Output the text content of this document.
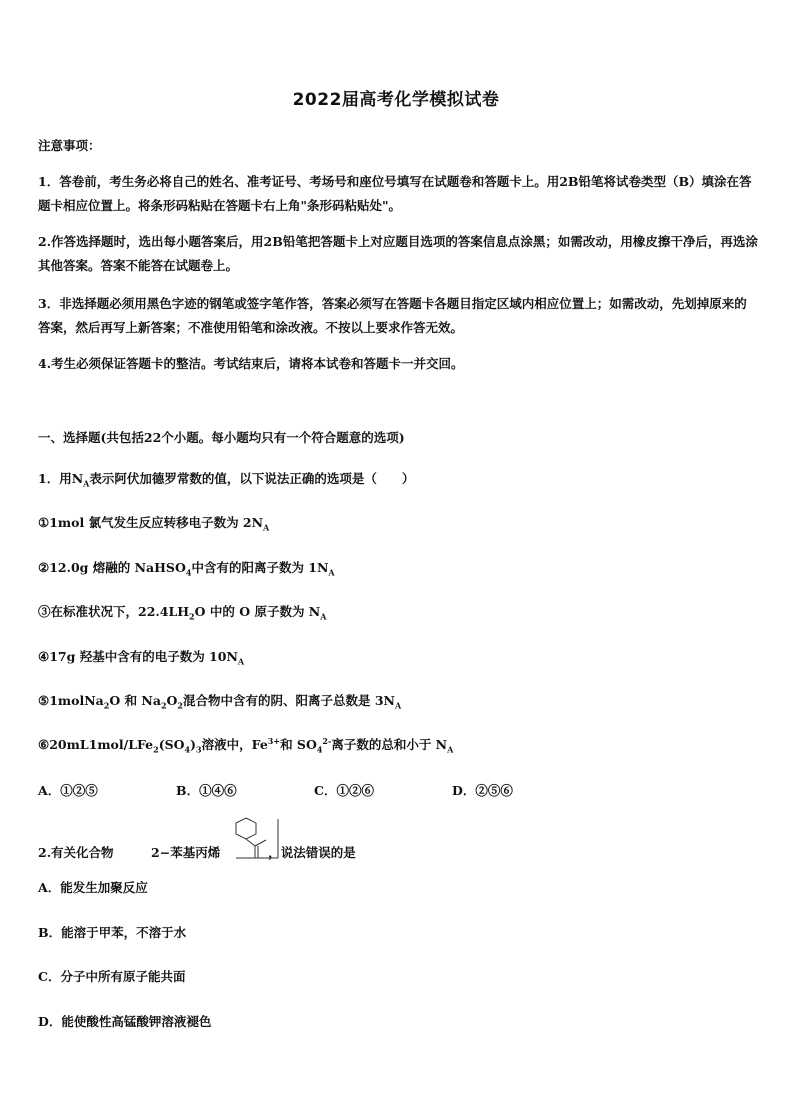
2022届高考化学模拟试卷
注意事项：
1．答卷前，考生务必将自己的姓名、准考证号、考场号和座位号填写在试题卷和答题卡上。用2B铅笔将试卷类型（B）填涂在答题卡相应位置上。将条形码粘贴在答题卡右上角"条形码粘贴处"。
2.作答选择题时，选出每小题答案后，用2B铅笔把答题卡上对应题目选项的答案信息点涂黑；如需改动，用橡皮擦干净后，再选涂其他答案。答案不能答在试题卷上。
3．非选择题必须用黑色字迹的钢笔或签字笔作答，答案必须写在答题卡各题目指定区域内相应位置上；如需改动，先划掉原来的答案，然后再写上新答案；不准使用铅笔和涂改液。不按以上要求作答无效。
4.考生必须保证答题卡的整洁。考试结束后，请将本试卷和答题卡一并交回。
一、选择题(共包括22个小题。每小题均只有一个符合题意的选项)
1．用$N_A$表示阿伏加德罗常数的值，以下说法正确的选项是（　　）
①1mol 氯气发生反应转移电子数为 $2N_A$
②12.0g 熔融的 NaHSO$_4$中含有的阳离子数为 $1N_A$
③在标准状况下，$22.4LH_2O$ 中的 O 原子数为 $N_A$
④17g 羟基中含有的电子数为 $10N_A$
⑤1molNa$_2$O 和 $Na_2O_2$混合物中含有的阴、阳离子总数是 $3N_A$
$⑥20mL1mol/LFe_2(SO_4)_3$溶液中，$Fe^{3+}$和 $SO_4^{2-}$离子数的总和小于 $N_A$
A．①②⑤	B．①④⑥	C．①②⑥	D．②⑤⑥
2.有关化合物　　　2−苯基丙烯	，说法错误的是
A．能发生加聚反应
B．能溶于甲苯，不溶于水
C．分子中所有原子能共面
D．能使酸性高锰酸钾溶液褪色
